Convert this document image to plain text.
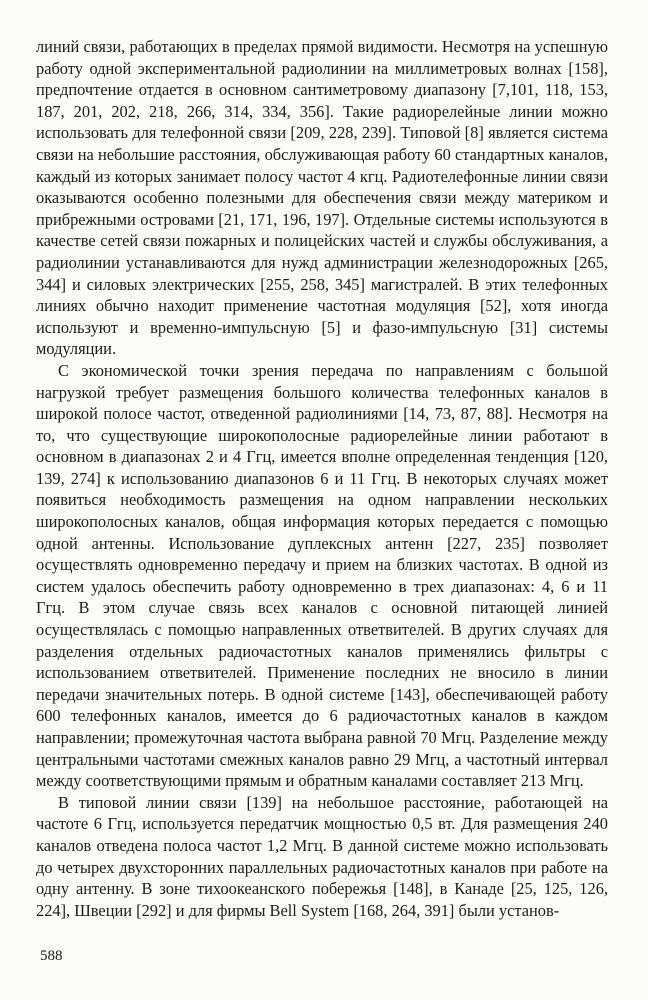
линий связи, работающих в пределах прямой видимости. Несмотря на успешную работу одной экспериментальной радиолинии на миллиметровых волнах [158], предпочтение отдается в основном сантиметровому диапазону [7,101, 118, 153, 187, 201, 202, 218, 266, 314, 334, 356]. Такие радиорелейные линии можно использовать для телефонной связи [209, 228, 239]. Типовой [8] является система связи на небольшие расстояния, обслуживающая работу 60 стандартных каналов, каждый из которых занимает полосу частот 4 кгц. Радиотелефонные линии связи оказываются особенно полезными для обеспечения связи между материком и прибрежными островами [21, 171, 196, 197]. Отдельные системы используются в качестве сетей связи пожарных и полицейских частей и службы обслуживания, а радиолинии устанавливаются для нужд администрации железнодорожных [265, 344] и силовых электрических [255, 258, 345] магистралей. В этих телефонных линиях обычно находит применение частотная модуляция [52], хотя иногда используют и временно-импульсную [5] и фазо-импульсную [31] системы модуляции.

С экономической точки зрения передача по направлениям с большой нагрузкой требует размещения большого количества телефонных каналов в широкой полосе частот, отведенной радиолиниями [14, 73, 87, 88]. Несмотря на то, что существующие широкополосные радиорелейные линии работают в основном в диапазонах 2 и 4 Ггц, имеется вполне определенная тенденция [120, 139, 274] к использованию диапазонов 6 и 11 Ггц. В некоторых случаях может появиться необходимость размещения на одном направлении нескольких широкополосных каналов, общая информация которых передается с помощью одной антенны. Использование дуплексных антенн [227, 235] позволяет осуществлять одновременно передачу и прием на близких частотах. В одной из систем удалось обеспечить работу одновременно в трех диапазонах: 4, 6 и 11 Ггц. В этом случае связь всех каналов с основной питающей линией осуществлялась с помощью направленных ответвителей. В других случаях для разделения отдельных радиочастотных каналов применялись фильтры с использованием ответвителей. Применение последних не вносило в линии передачи значительных потерь. В одной системе [143], обеспечивающей работу 600 телефонных каналов, имеется до 6 радиочастотных каналов в каждом направлении; промежуточная частота выбрана равной 70 Мгц. Разделение между центральными частотами смежных каналов равно 29 Мгц, а частотный интервал между соответствующими прямым и обратным каналами составляет 213 Мгц.

В типовой линии связи [139] на небольшое расстояние, работающей на частоте 6 Ггц, используется передатчик мощностью 0,5 вт. Для размещения 240 каналов отведена полоса частот 1,2 Мгц. В данной системе можно использовать до четырех двухсторонних параллельных радиочастотных каналов при работе на одну антенну. В зоне тихоокеанского побережья [148], в Канаде [25, 125, 126, 224], Швеции [292] и для фирмы Bell System [168, 264, 391] были установ-

588
